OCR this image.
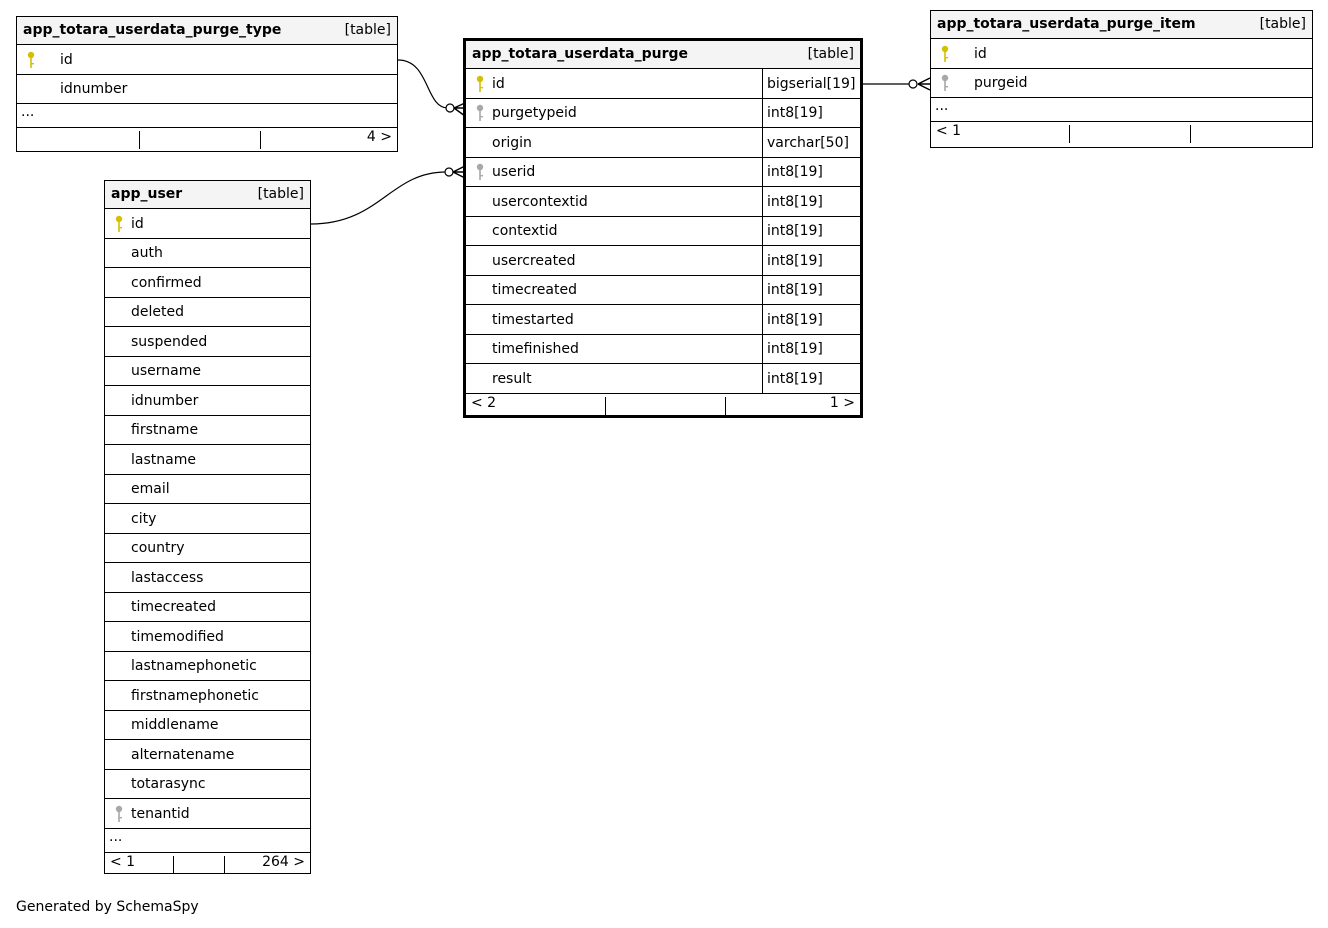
app_totara_userdata_purge_type	[table]
id
idnumber
...
4 >
app_user	[table]
id
auth
confirmed
deleted
suspended
username
idnumber
firstname
lastname
email
city
country
lastaccess
timecreated
timemodified
lastnamephonetic
firstnamephonetic
middlename
alternatename
totarasync
tenantid
...
< 1	264 >
app_totara_userdata_purge	[table]
id	bigserial[19]
purgetypeid	int8[19]
origin	varchar[50]
userid	int8[19]
usercontextid	int8[19]
contextid	int8[19]
usercreated	int8[19]
timecreated	int8[19]
timestarted	int8[19]
timefinished	int8[19]
result	int8[19]
< 2	1 >
app_totara_userdata_purge_item	[table]
id
purgeid
...
< 1
Generated by SchemaSpy
